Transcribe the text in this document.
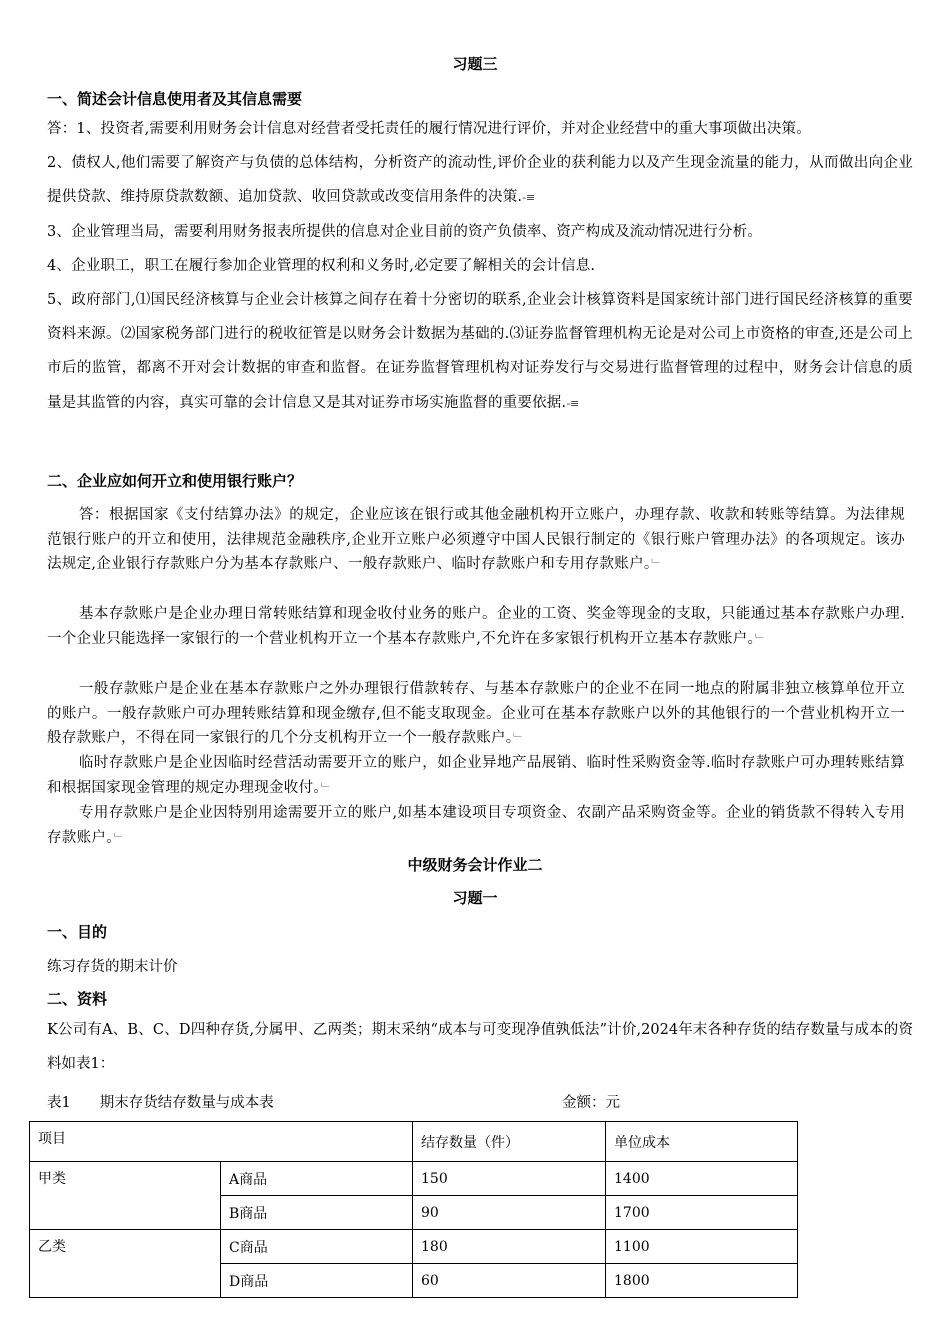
习题三
一、简述会计信息使用者及其信息需要
答：1、投资者,需要利用财务会计信息对经营者受托责任的履行情况进行评价，并对企业经营中的重大事项做出决策。
2、债权人,他们需要了解资产与负债的总体结构，分析资产的流动性,评价企业的获利能力以及产生现金流量的能力，从而做出向企业提供贷款、维持原贷款数额、追加贷款、收回贷款或改变信用条件的决策.-≡
3、企业管理当局，需要利用财务报表所提供的信息对企业目前的资产负债率、资产构成及流动情况进行分析。
4、企业职工，职工在履行参加企业管理的权利和义务时,必定要了解相关的会计信息.
5、政府部门,⑴国民经济核算与企业会计核算之间存在着十分密切的联系,企业会计核算资料是国家统计部门进行国民经济核算的重要资料来源。⑵国家税务部门进行的税收征管是以财务会计数据为基础的.⑶证券监督管理机构无论是对公司上市资格的审查,还是公司上市后的监管，都离不开对会计数据的审查和监督。在证券监督管理机构对证券发行与交易进行监督管理的过程中，财务会计信息的质量是其监管的内容，真实可靠的会计信息又是其对证券市场实施监督的重要依据.-≡
二、企业应如何开立和使用银行账户？
答：根据国家《支付结算办法》的规定，企业应该在银行或其他金融机构开立账户，办理存款、收款和转账等结算。为法律规范银行账户的开立和使用，法律规范金融秩序,企业开立账户必须遵守中国人民银行制定的《银行账户管理办法》的各项规定。该办法规定,企业银行存款账户分为基本存款账户、一般存款账户、临时存款账户和专用存款账户。﹂
基本存款账户是企业办理日常转账结算和现金收付业务的账户。企业的工资、奖金等现金的支取，只能通过基本存款账户办理.一个企业只能选择一家银行的一个营业机构开立一个基本存款账户,不允许在多家银行机构开立基本存款账户。﹂
一般存款账户是企业在基本存款账户之外办理银行借款转存、与基本存款账户的企业不在同一地点的附属非独立核算单位开立的账户。一般存款账户可办理转账结算和现金缴存,但不能支取现金。企业可在基本存款账户以外的其他银行的一个营业机构开立一般存款账户，不得在同一家银行的几个分支机构开立一个一般存款账户。﹂
临时存款账户是企业因临时经营活动需要开立的账户，如企业异地产品展销、临时性采购资金等.临时存款账户可办理转账结算和根据国家现金管理的规定办理现金收付。﹂
专用存款账户是企业因特别用途需要开立的账户,如基本建设项目专项资金、农副产品采购资金等。企业的销货款不得转入专用存款账户。﹂
中级财务会计作业二
习题一
一、目的
练习存货的期末计价
二、资料
K公司有A、B、C、D四种存货,分属甲、乙两类；期末采纳“成本与可变现净值孰低法”计价,2024年末各种存货的结存数量与成本的资料如表1：
表1　　期末存货结存数量与成本表	金额：元
项目		结存数量（件）	单位成本
甲类	A商品	150	1400
	B商品	90	1700
乙类	C商品	180	1100
	D商品	60	1800
